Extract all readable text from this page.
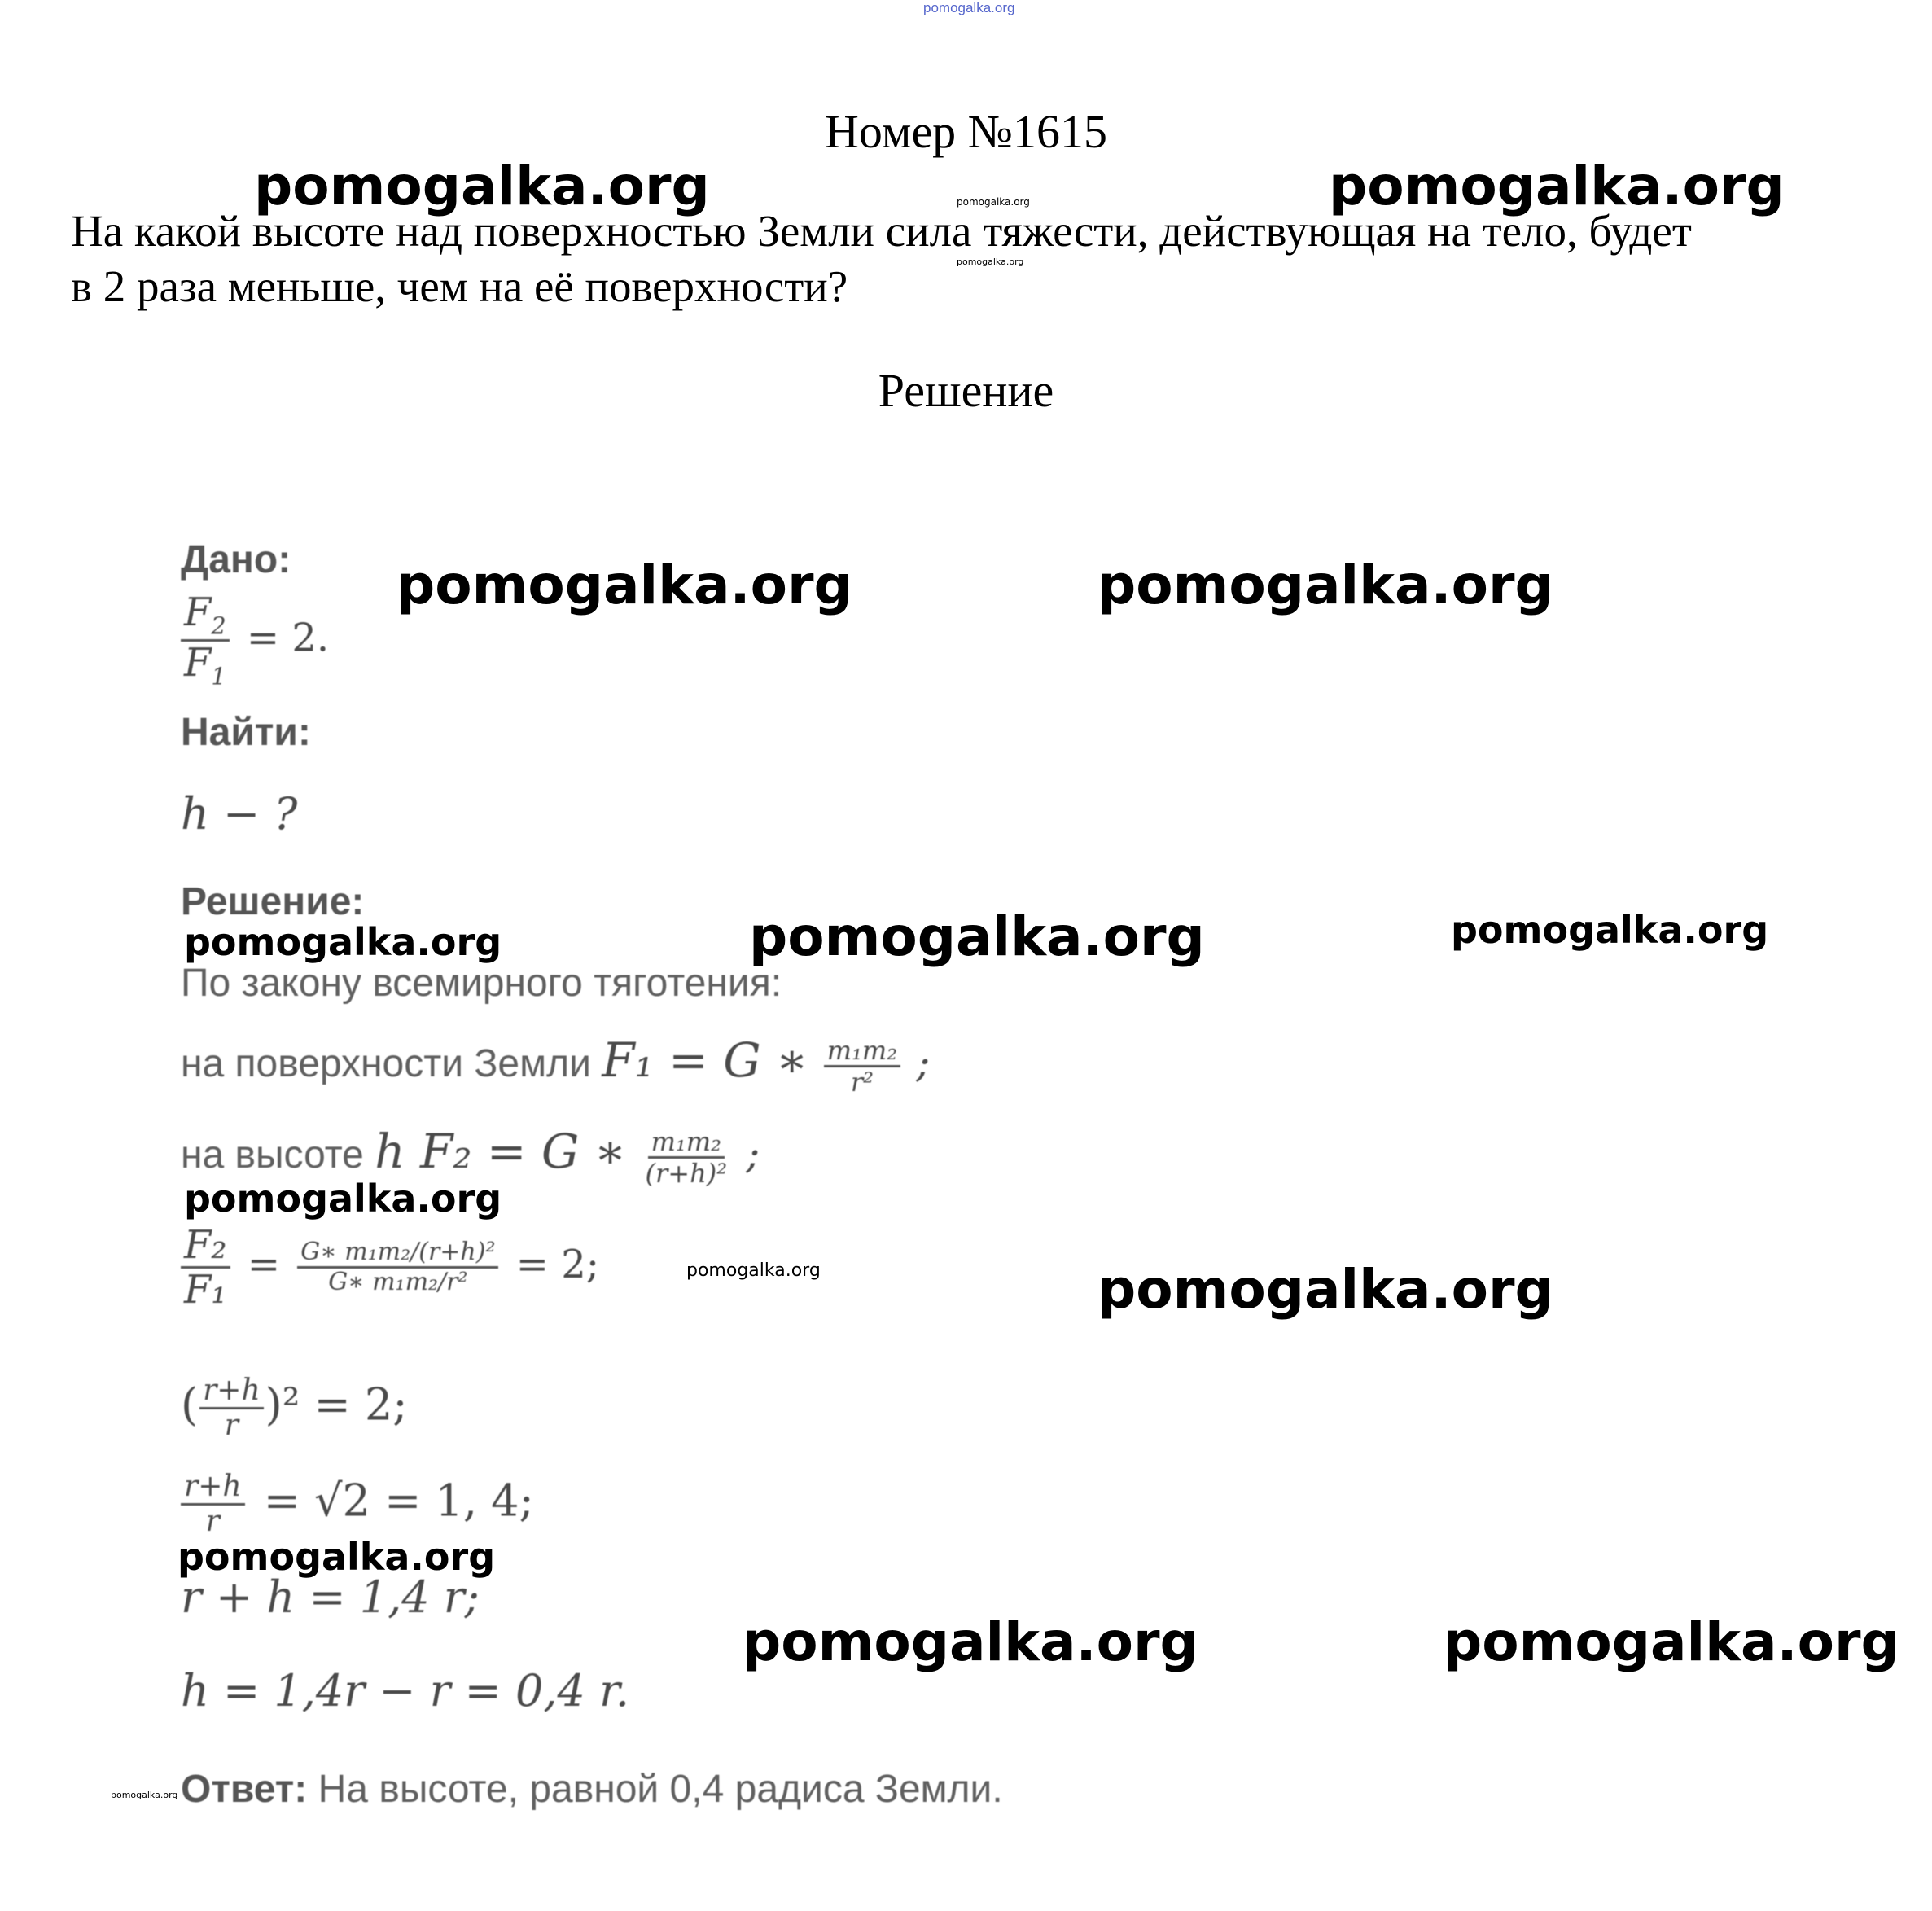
pomogalka.org
Номер №1615
На какой высоте над поверхностью Земли сила тяжести, действующая на тело, будет
в 2 раза меньше, чем на её поверхности?
Решение
Дано:
$\frac{F_2}{F_1} = 2$.
Найти:
h − ?
Решение:
По закону всемирного тяготения:
на поверхности Земли F₁ = G ∗ $\frac{\text{m₁m₂}}{\text{r²}}$ ;
на высоте h F₂ = G ∗ $\frac{\text{m₁m₂}}{\text{(r+h)²}}$ ;
$\frac{\text{F₂}}{\text{F₁}} = \frac{\text{G∗ m₁m₂/(r+h)²}}{\text{G∗ m₁m₂/r²}} = 2$;
( $\frac{r+h}{r} )^2 = 2$;
$\frac{r+h}{r} = √2 = 1$, 4;
r + h = 1,4 r;
h = 1,4r − r = 0,4 r.
Ответ: На высоте, равной 0,4 радиса Земли.
pomogalka.org	pomogalka.org
pomogalka.org
pomogalka.org
pomogalka.org	pomogalka.org
pomogalka.org	pomogalka.org	pomogalka.org
pomogalka.org
pomogalka.org	pomogalka.org
pomogalka.org
pomogalka.org	pomogalka.org
pomogalka.org
